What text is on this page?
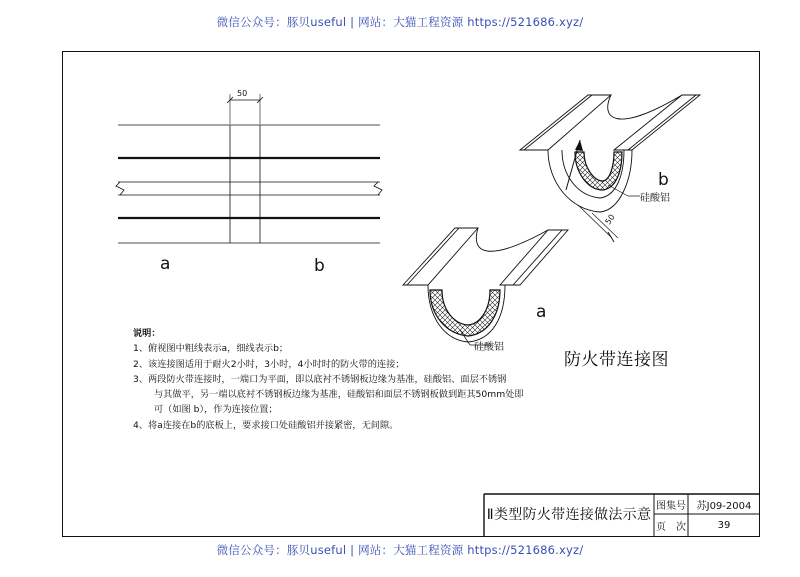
微信公众号：豚贝useful | 网站：大猫工程资源 https://521686.xyz/
微信公众号：豚贝useful | 网站：大猫工程资源 https://521686.xyz/
50
a	b
b
硅酸铝
50
a
硅酸铝
防火带连接图
说明：
1、俯视图中粗线表示a，细线表示b；
2、该连接图适用于耐火2小时，3小时，4小时时的防火带的连接；
3、两段防火带连接时，一端口为平面，即以底衬不锈钢板边缘为基准，硅酸铝、面层不锈钢
与其做平，另一端以底衬不锈钢板边缘为基准，硅酸铝和面层不锈钢板做到距其50mm处即
可（如图 b），作为连接位置；
4、将a连接在b的底板上，要求接口处硅酸铝并接紧密，无间隙。
Ⅱ类型防火带连接做法示意
图集号	苏J09-2004
页　次	39
